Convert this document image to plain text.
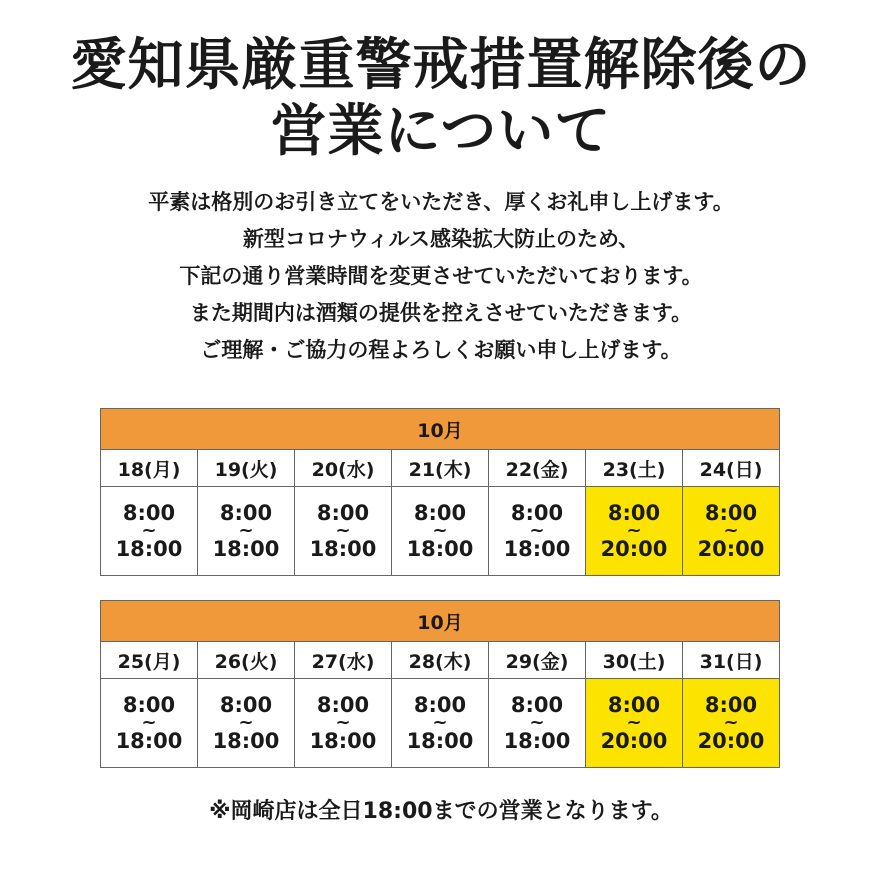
愛知県厳重警戒措置解除後の
営業について
平素は格別のお引き立てをいただき、厚くお礼申し上げます。
新型コロナウィルス感染拡大防止のため、
下記の通り営業時間を変更させていただいております。
また期間内は酒類の提供を控えさせていただきます。
ご理解・ご協力の程よろしくお願い申し上げます。
10月						
18(月)	19(火)	20(水)	21(木)	22(金)	23(土)	24(日)

8:00
~
18:00	8:00
~
18:00	8:00
~
18:00	8:00
~
18:00	8:00
~
18:00	8:00
~
20:00	8:00
~
20:00
10月						
25(月)	26(火)	27(水)	28(木)	29(金)	30(土)	31(日)

8:00
~
18:00	8:00
~
18:00	8:00
~
18:00	8:00
~
18:00	8:00
~
18:00	8:00
~
20:00	8:00
~
20:00
※岡崎店は全日18:00までの営業となります。
